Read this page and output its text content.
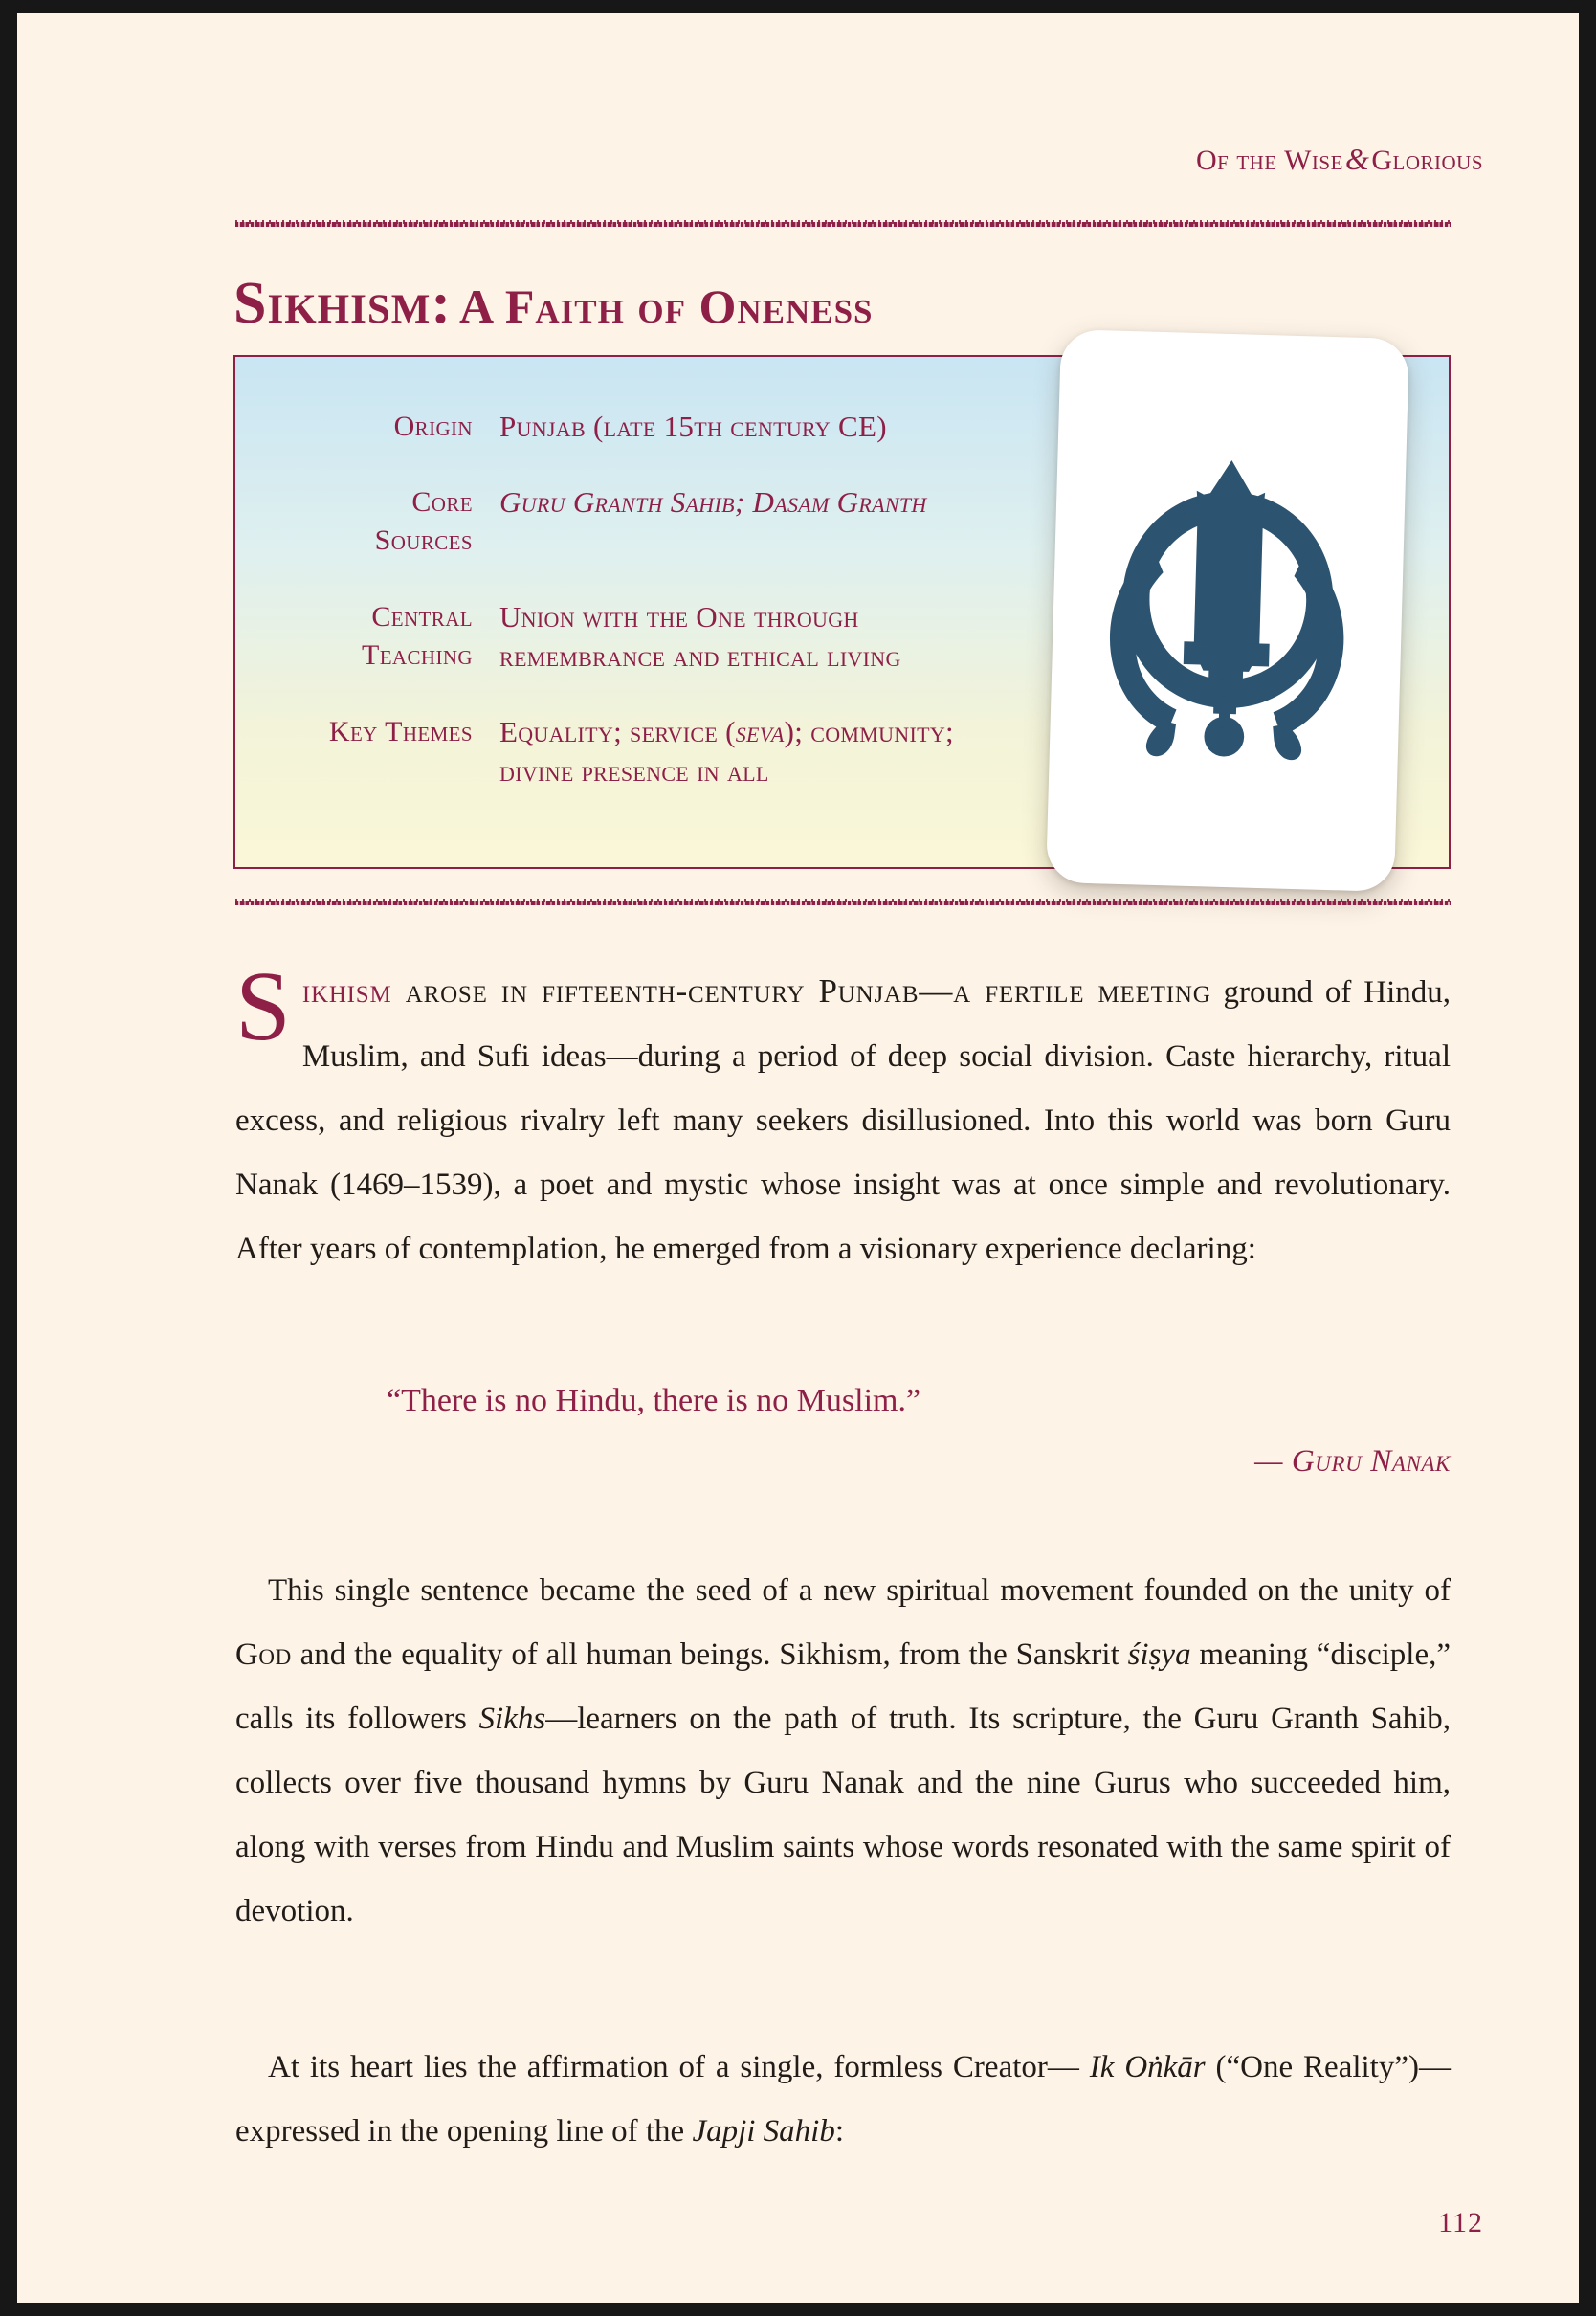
Of the Wise&Glorious
Sikhism: A Faith of Oneness
Origin Punjab (late 15th century CE)
Core
Sources
Guru Granth Sahib; Dasam Granth
Central
Teaching
Union with the One through
remembrance and ethical living
Key Themes Equality; service (seva); community;
divine presence in all

Sikhism arose in fifteenth-century Punjab—a fertile meeting ground of Hindu, Muslim, and Sufi ideas—during a period of deep social division. Caste hierarchy, ritual excess, and religious rivalry left many seekers disillusioned. Into this world was born Guru Nanak (1469–1539), a poet and mystic whose insight was at once simple and revolutionary. After years of contemplation, he emerged from a visionary experience declaring:

“There is no Hindu, there is no Muslim.”
— Guru Nanak

This single sentence became the seed of a new spiritual movement founded on the unity of God and the equality of all human beings. Sikhism, from the Sanskrit śiṣya meaning “disciple,” calls its followers Sikhs—learners on the path of truth. Its scripture, the Guru Granth Sahib, collects over five thousand hymns by Guru Nanak and the nine Gurus who succeeded him, along with verses from Hindu and Muslim saints whose words resonated with the same spirit of devotion.

At its heart lies the affirmation of a single, formless Creator— Ik Oṅkār (“One Reality”)—expressed in the opening line of the Japji Sahib:

112
